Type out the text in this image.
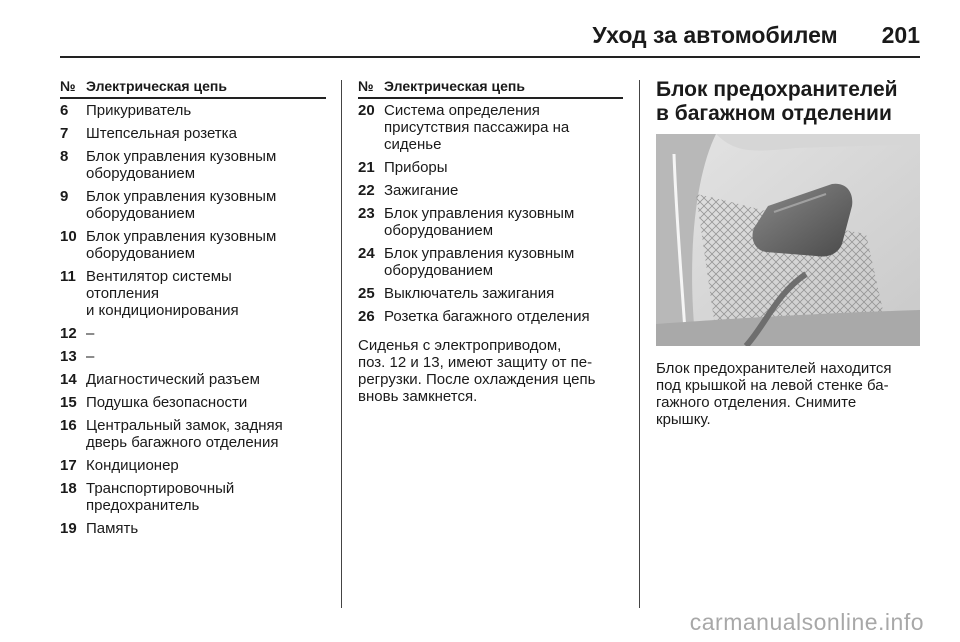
Уход за автомобилем 201
№ Электрическая цепь
6	Прикуриватель
7	Штепсельная розетка
8	Блок управления кузовным
оборудованием
9	Блок управления кузовным
оборудованием
10 Блок управления кузовным
оборудованием
11 Вентилятор системы
отопления
и кондиционирования
12 –
13 –
14 Диагностический разъем
15 Подушка безопасности
16 Центральный замок, задняя
дверь багажного отделения
17 Кондиционер
18 Транспортировочный
предохранитель
19 Память
№ Электрическая цепь
20 Система определения
присутствия пассажира на
сиденье
21 Приборы
22 Зажигание
23 Блок управления кузовным
оборудованием
24 Блок управления кузовным
оборудованием
25 Выключатель зажигания
26 Розетка багажного отделения

Сиденья с электроприводом,
поз. 12 и 13, имеют защиту от пе-
регрузки. После охлаждения цепь
вновь замкнется.

Блок предохранителей
в багажном отделении

Блок предохранителей находится
под крышкой на левой стенке ба-
гажного отделения. Снимите
крышку.

carmanualsonline.info
